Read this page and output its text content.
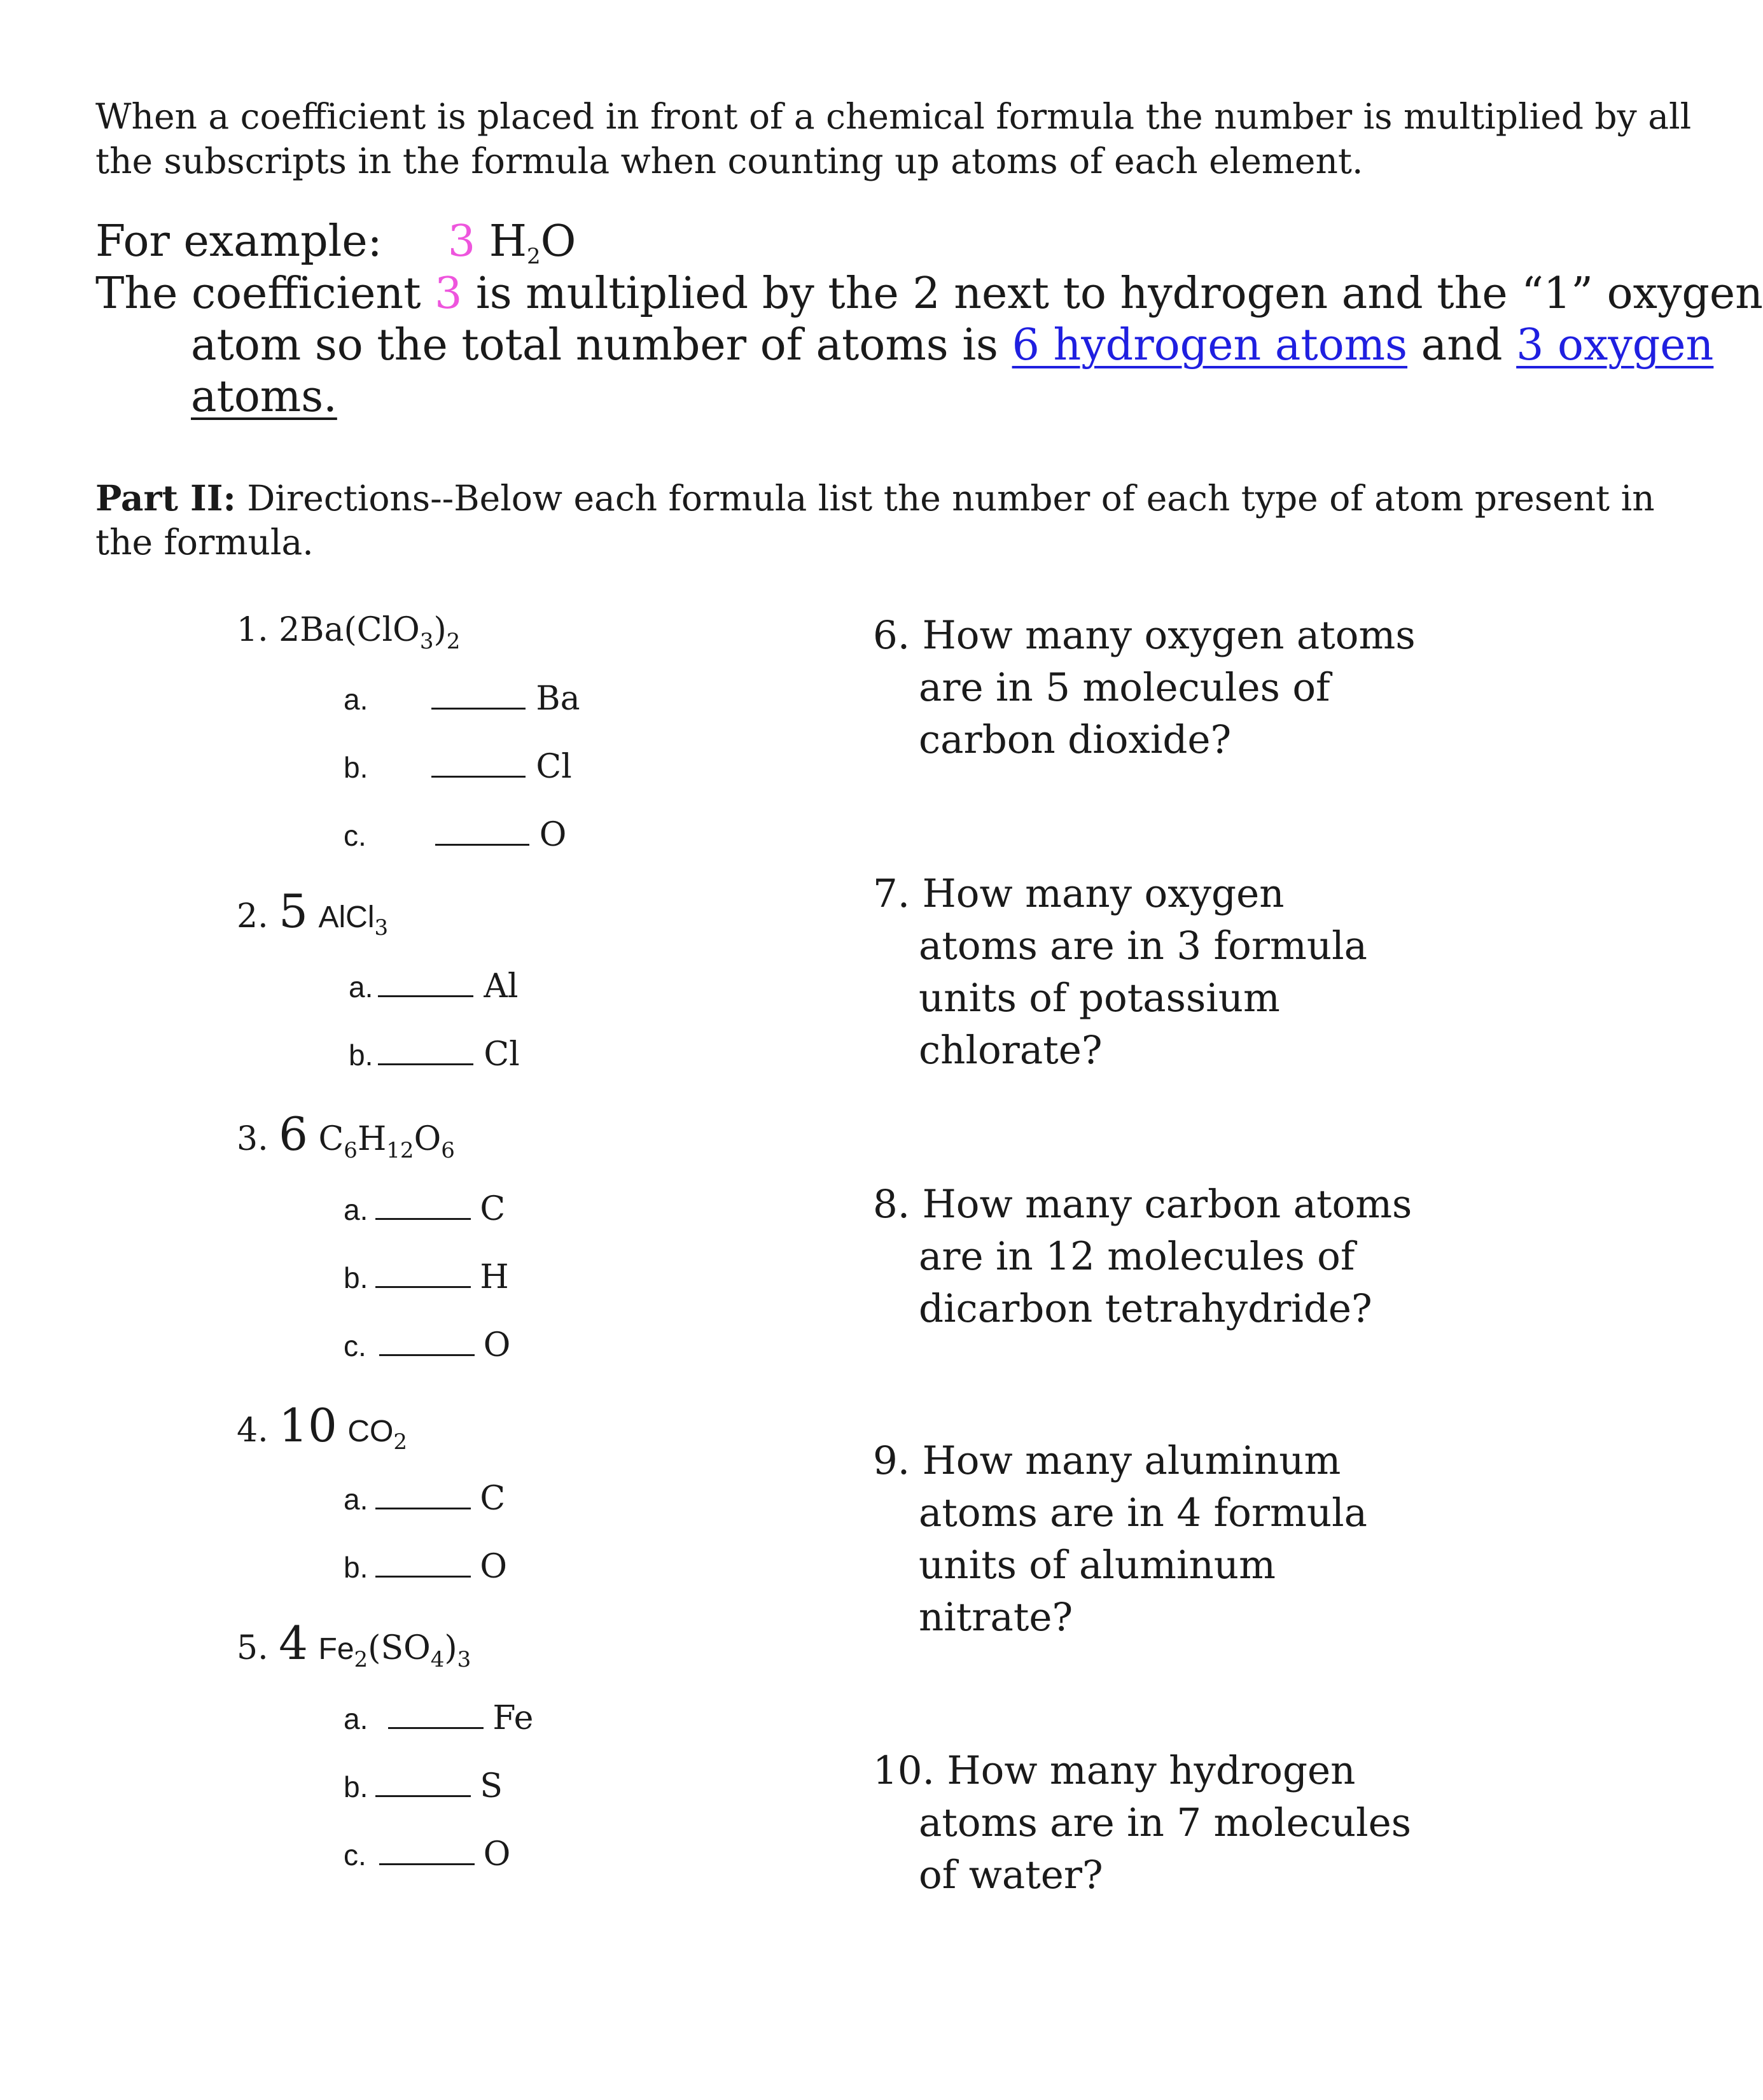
When a coefficient is placed in front of a chemical formula the number is multiplied by all
the subscripts in the formula when counting up atoms of each element.
For example: 3 $H_2O$
The coefficient 3 is multiplied by the 2 next to hydrogen and the “1” oxygen
atom so the total number of atoms is 6 hydrogen atoms and 3 oxygen
atoms.
Part II: Directions--Below each formula list the number of each type of atom present in
the formula.
1. $2Ba(ClO_3)_2$
a.	Ba
b.	Cl
c.	O
2. 5 AlCl$_3$
a.	Al
b.	Cl
3. 6 $C_6H_{12}O_6$
a.	C
b.	H
c.	O
4. 10 $CO_2$
a.	C
b.	O
5. 4 $Fe_2(SO_4)_3$
a.	Fe
b.	S
c.	O
6. How many oxygen atoms
are in 5 molecules of
carbon dioxide?
7. How many oxygen
atoms are in 3 formula
units of potassium
chlorate?
8. How many carbon atoms
are in 12 molecules of
dicarbon tetrahydride?
9. How many aluminum
atoms are in 4 formula
units of aluminum
nitrate?
10. How many hydrogen
atoms are in 7 molecules
of water?
